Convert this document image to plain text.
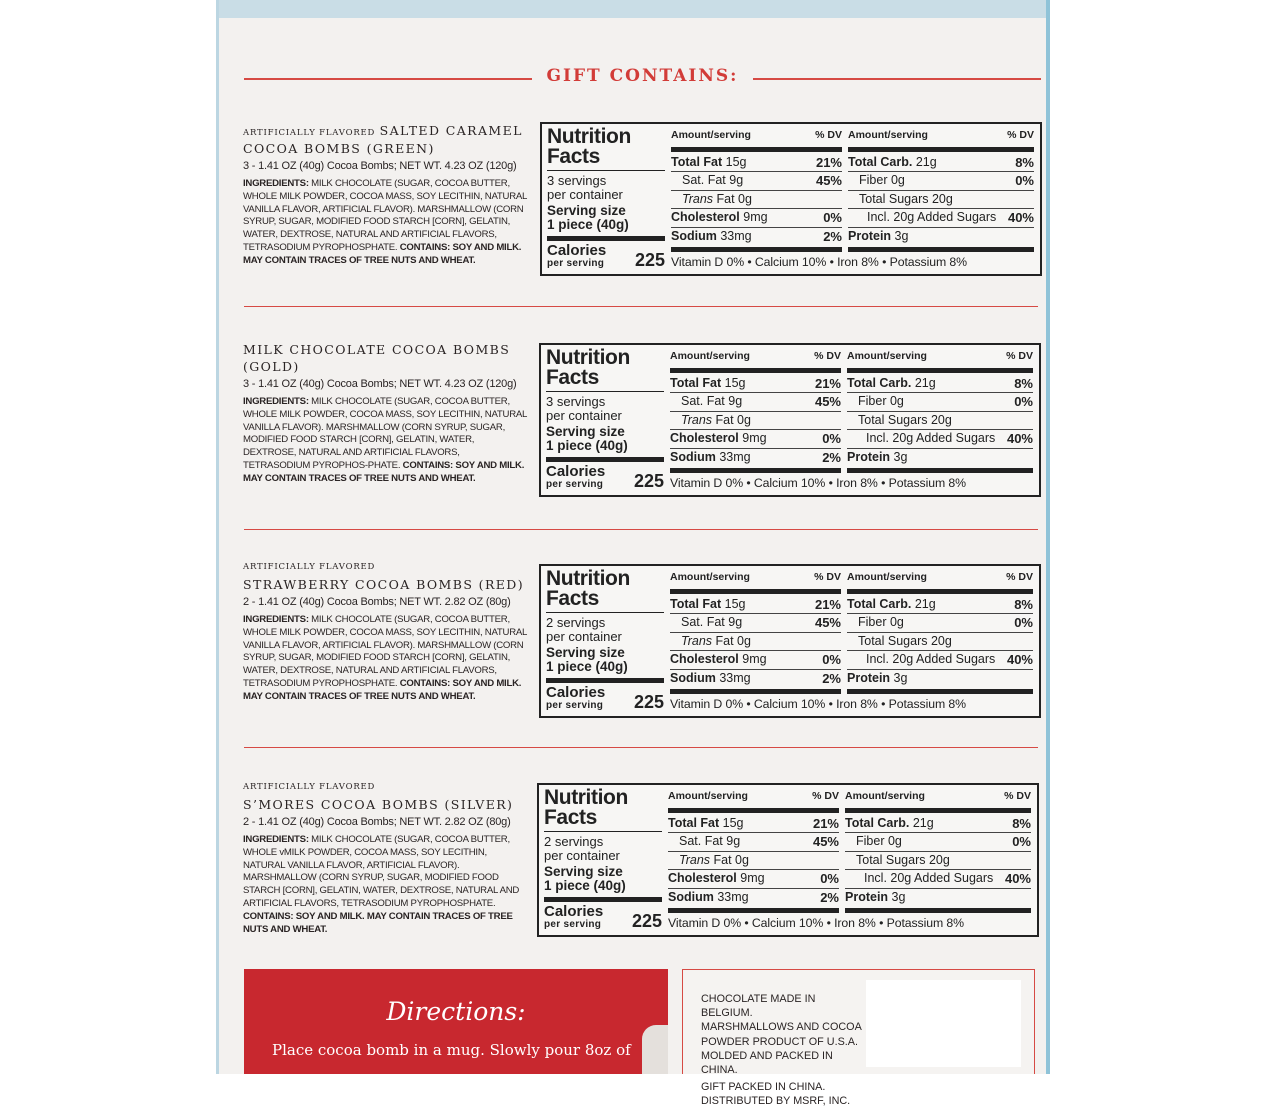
GIFT CONTAINS:
ARTIFICIALLY FLAVORED SALTED CARAMEL
COCOA BOMBS (GREEN)
3 - 1.41 OZ (40g) Cocoa Bombs; NET WT. 4.23 OZ (120g)
INGREDIENTS: MILK CHOCOLATE (SUGAR, COCOA BUTTER, WHOLE MILK POWDER, COCOA MASS, SOY LECITHIN, NATURAL VANILLA FLAVOR, ARTIFICIAL FLAVOR). MARSHMALLOW (CORN SYRUP, SUGAR, MODIFIED FOOD STARCH [CORN], GELATIN, WATER, DEXTROSE, NATURAL AND ARTIFICIAL FLAVORS, TETRASODIUM PYROPHOSPHATE. CONTAINS: SOY AND MILK. MAY CONTAIN TRACES OF TREE NUTS AND WHEAT.
Nutrition
Facts
3 servings
per container
Serving size
1 piece (40g)
Calories
per serving 225
Amount/serving	% DV
Total Fat 15g	21%
Sat. Fat 9g	45%
Trans Fat 0g
Cholesterol 9mg	0%
Sodium 33mg	2%
Amount/serving	% DV
Total Carb. 21g	8%
Fiber 0g	0%
Total Sugars 20g
Incl. 20g Added Sugars 40%
Protein 3g
Vitamin D 0% • Calcium 10% • Iron 8% • Potassium 8%
MILK CHOCOLATE COCOA BOMBS
(GOLD)
3 - 1.41 OZ (40g) Cocoa Bombs; NET WT. 4.23 OZ (120g)
INGREDIENTS: MILK CHOCOLATE (SUGAR, COCOA BUTTER, WHOLE MILK POWDER, COCOA MASS, SOY LECITHIN, NATURAL VANILLA FLAVOR). MARSHMALLOW (CORN SYRUP, SUGAR, MODIFIED FOOD STARCH [CORN], GELATIN, WATER, DEXTROSE, NATURAL AND ARTIFICIAL FLAVORS, TETRASODIUM PYROPHOS-PHATE. CONTAINS: SOY AND MILK. MAY CONTAIN TRACES OF TREE NUTS AND WHEAT.
Nutrition
Facts
3 servings
per container
Serving size
1 piece (40g)
Calories
per serving 225
Amount/serving	% DV
Total Fat 15g	21%
Sat. Fat 9g	45%
Trans Fat 0g
Cholesterol 9mg	0%
Sodium 33mg	2%
Amount/serving	% DV
Total Carb. 21g	8%
Fiber 0g	0%
Total Sugars 20g
Incl. 20g Added Sugars 40%
Protein 3g
Vitamin D 0% • Calcium 10% • Iron 8% • Potassium 8%
ARTIFICIALLY FLAVORED
STRAWBERRY COCOA BOMBS (RED)
2 - 1.41 OZ (40g) Cocoa Bombs; NET WT. 2.82 OZ (80g)
INGREDIENTS: MILK CHOCOLATE (SUGAR, COCOA BUTTER, WHOLE MILK POWDER, COCOA MASS, SOY LECITHIN, NATURAL VANILLA FLAVOR, ARTIFICIAL FLAVOR). MARSHMALLOW (CORN SYRUP, SUGAR, MODIFIED FOOD STARCH [CORN], GELATIN, WATER, DEXTROSE, NATURAL AND ARTIFICIAL FLAVORS, TETRASODIUM PYROPHOSPHATE. CONTAINS: SOY AND MILK. MAY CONTAIN TRACES OF TREE NUTS AND WHEAT.
Nutrition
Facts
2 servings
per container
Serving size
1 piece (40g)
Calories
per serving 225
Amount/serving	% DV
Total Fat 15g	21%
Sat. Fat 9g	45%
Trans Fat 0g
Cholesterol 9mg	0%
Sodium 33mg	2%
Amount/serving	% DV
Total Carb. 21g	8%
Fiber 0g	0%
Total Sugars 20g
Incl. 20g Added Sugars 40%
Protein 3g
Vitamin D 0% • Calcium 10% • Iron 8% • Potassium 8%
ARTIFICIALLY FLAVORED
S’MORES COCOA BOMBS (SILVER)
2 - 1.41 OZ (40g) Cocoa Bombs; NET WT. 2.82 OZ (80g)
INGREDIENTS: MILK CHOCOLATE (SUGAR, COCOA BUTTER, WHOLE vMILK POWDER, COCOA MASS, SOY LECITHIN, NATURAL VANILLA FLAVOR, ARTIFICIAL FLAVOR). MARSHMALLOW (CORN SYRUP, SUGAR, MODIFIED FOOD STARCH [CORN], GELATIN, WATER, DEXTROSE, NATURAL AND ARTIFICIAL FLAVORS, TETRASODIUM PYROPHOSPHATE. CONTAINS: SOY AND MILK. MAY CONTAIN TRACES OF TREE NUTS AND WHEAT.
Nutrition
Facts
2 servings
per container
Serving size
1 piece (40g)
Calories
per serving 225
Amount/serving	% DV
Total Fat 15g	21%
Sat. Fat 9g	45%
Trans Fat 0g
Cholesterol 9mg	0%
Sodium 33mg	2%
Amount/serving	% DV
Total Carb. 21g	8%
Fiber 0g	0%
Total Sugars 20g
Incl. 20g Added Sugars 40%
Protein 3g
Vitamin D 0% • Calcium 10% • Iron 8% • Potassium 8%
Directions:
Place cocoa bomb in a mug. Slowly pour 8oz of
CHOCOLATE MADE IN BELGIUM.
MARSHMALLOWS AND COCOA
POWDER PRODUCT OF U.S.A.
MOLDED AND PACKED IN CHINA.
GIFT PACKED IN CHINA.
DISTRIBUTED BY MSRF, INC.
